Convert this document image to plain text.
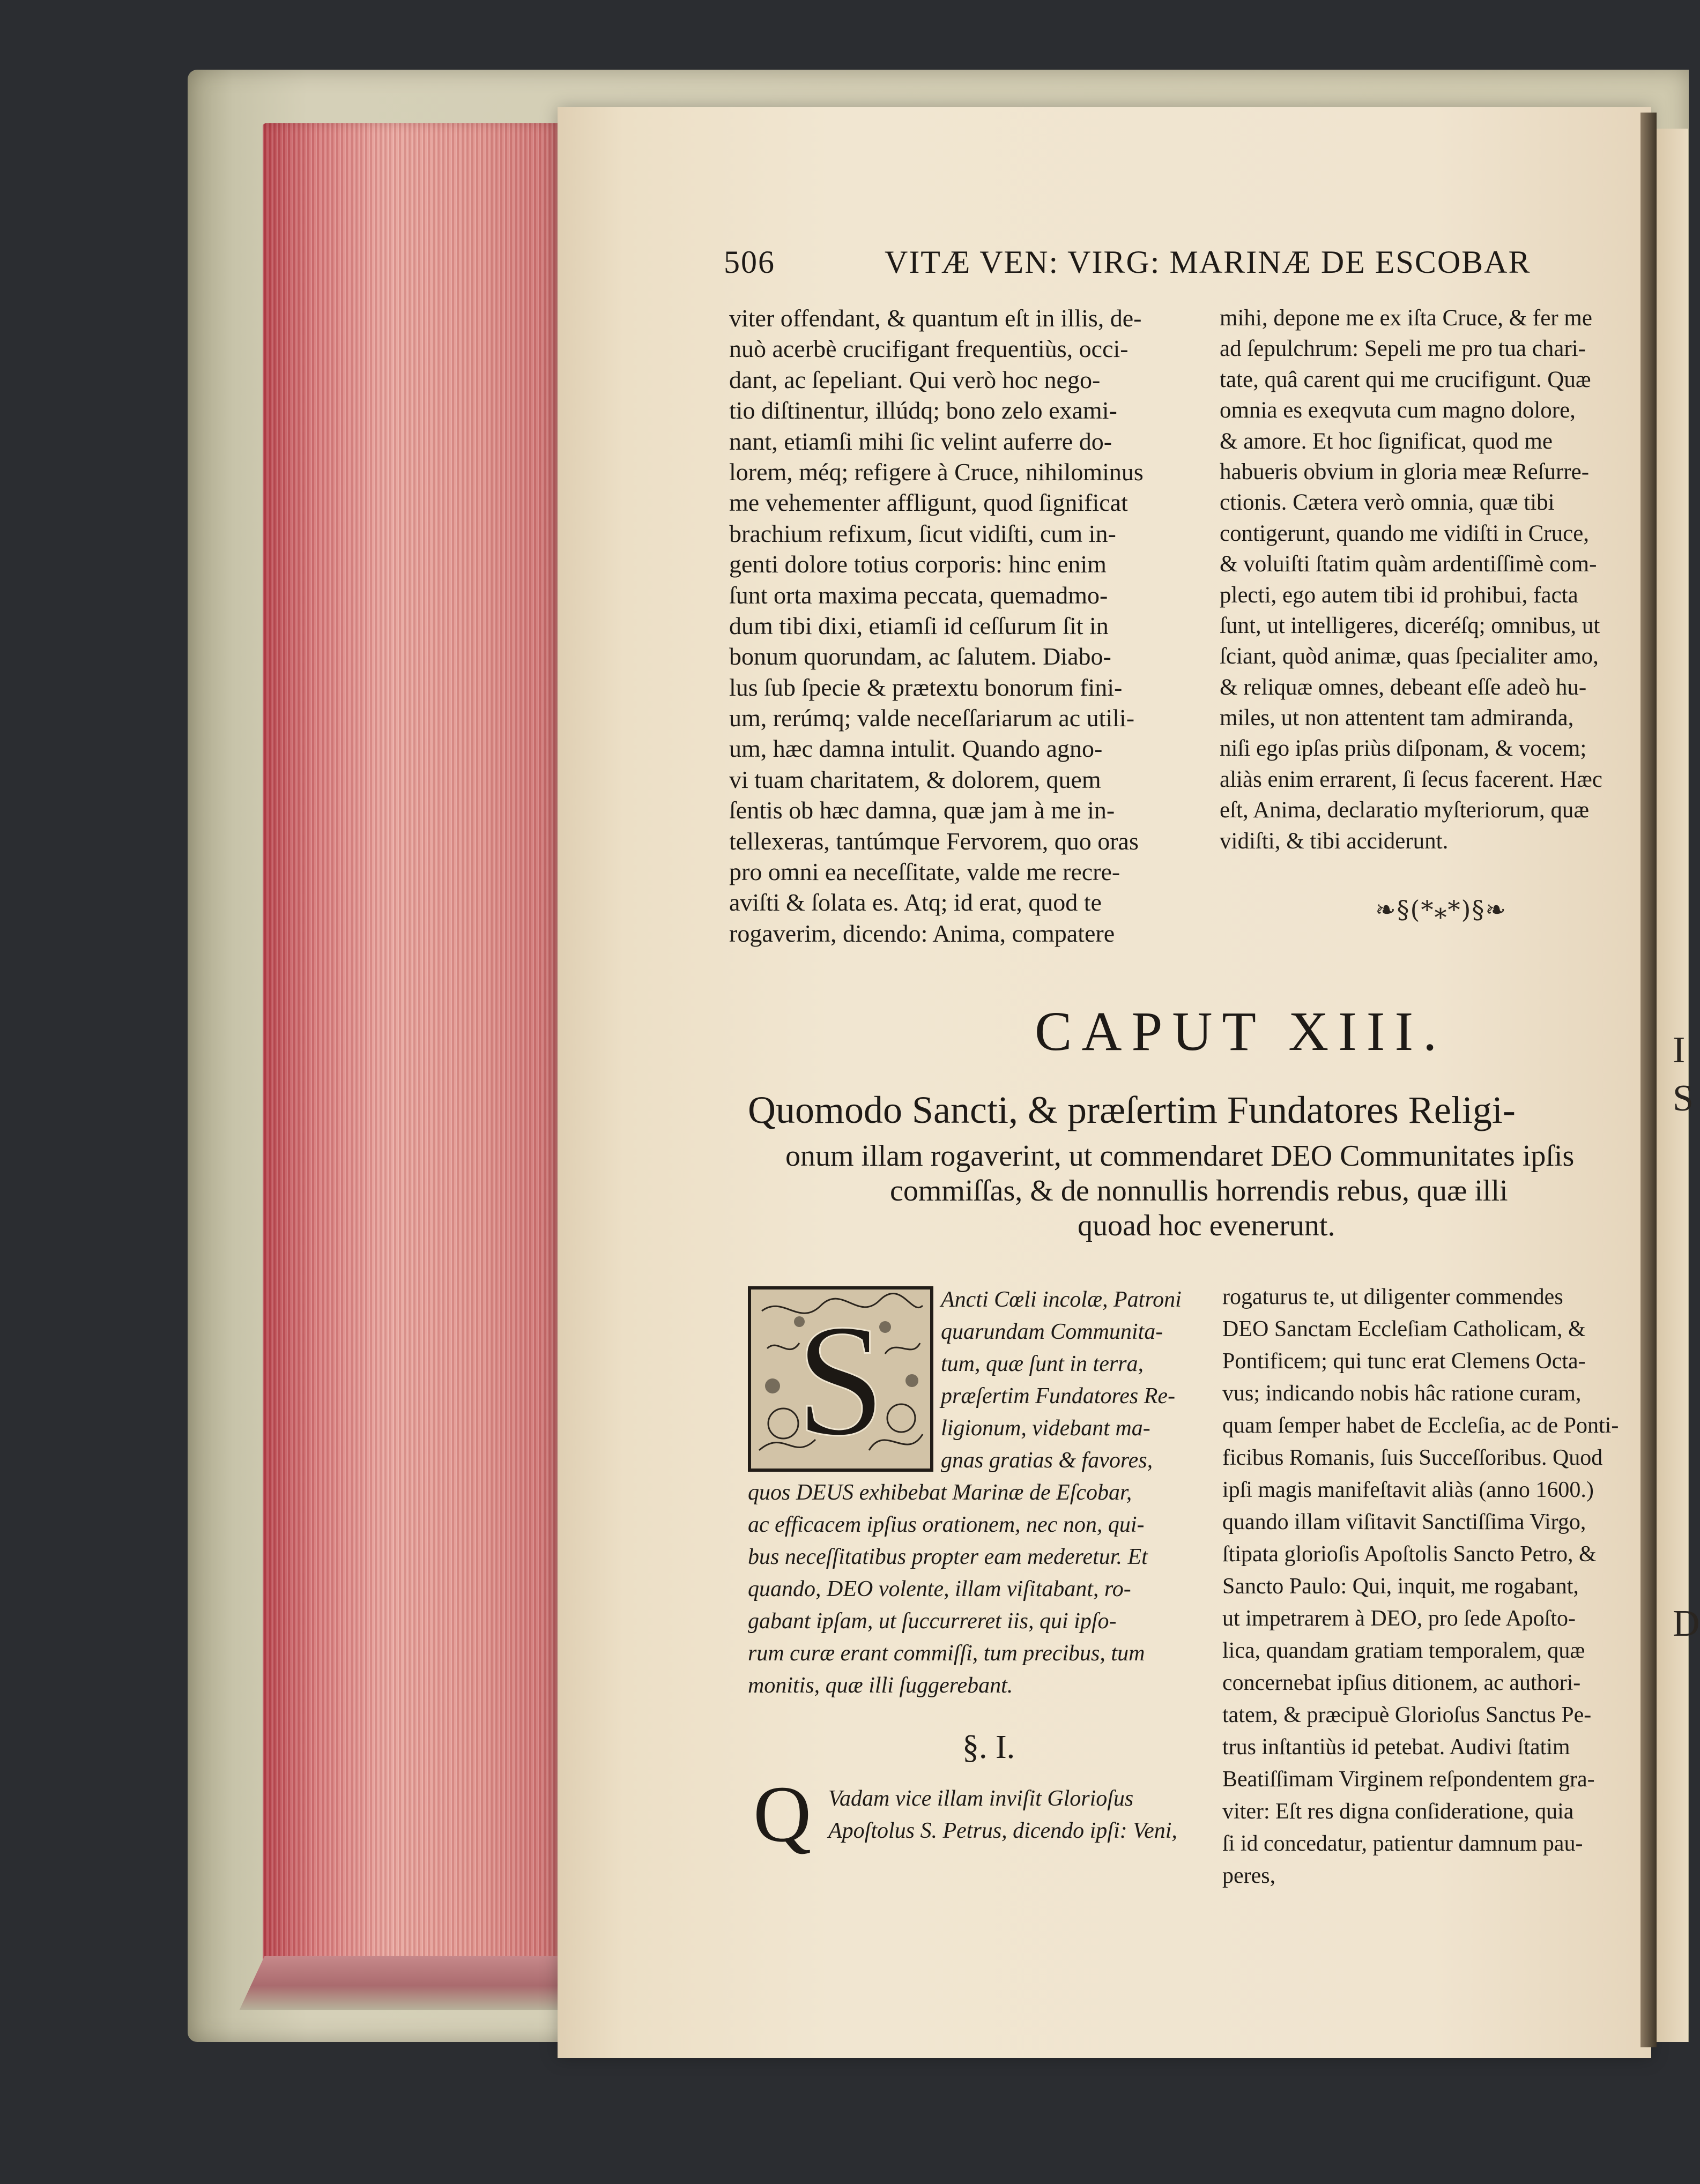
I
S
D
506	VITÆ VEN: VIRG: MARINÆ DE ESCOBAR
viter offendant, & quantum eſt in illis, de-
nuò acerbè crucifigant frequentiùs, occi-
dant, ac ſepeliant. Qui verò hoc nego-
tio diſtinentur, illúdq; bono zelo exami-
nant, etiamſi mihi ſic velint auferre do-
lorem, méq; refigere à Cruce, nihilominus
me vehementer affligunt, quod ſignificat
brachium refixum, ſicut vidiſti, cum in-
genti dolore totius corporis: hinc enim
ſunt orta maxima peccata, quemadmo-
dum tibi dixi, etiamſi id ceſſurum ſit in
bonum quorundam, ac ſalutem. Diabo-
lus ſub ſpecie & prætextu bonorum fini-
um, rerúmq; valde neceſſariarum ac utili-
um, hæc damna intulit. Quando agno-
vi tuam charitatem, & dolorem, quem
ſentis ob hæc damna, quæ jam à me in-
tellexeras, tantúmque Fervorem, quo oras
pro omni ea neceſſitate, valde me recre-
aviſti & ſolata es. Atq; id erat, quod te
rogaverim, dicendo: Anima, compatere
mihi, depone me ex iſta Cruce, & fer me
ad ſepulchrum: Sepeli me pro tua chari-
tate, quâ carent qui me crucifigunt. Quæ
omnia es exeqvuta cum magno dolore,
& amore. Et hoc ſignificat, quod me
habueris obvium in gloria meæ Reſurre-
ctionis. Cætera verò omnia, quæ tibi
contigerunt, quando me vidiſti in Cruce,
& voluiſti ſtatim quàm ardentiſſimè com-
plecti, ego autem tibi id prohibui, facta
ſunt, ut intelligeres, diceréſq; omnibus, ut
ſciant, quòd animæ, quas ſpecialiter amo,
& reliquæ omnes, debeant eſſe adeò hu-
miles, ut non attentent tam admiranda,
niſi ego ipſas priùs diſponam, & vocem;
aliàs enim errarent, ſi ſecus facerent. Hæc
eſt, Anima, declaratio myſteriorum, quæ
vidiſti, & tibi acciderunt.
❧§(*⁎*)§❧
CAPUT XIII.
Quomodo Sancti, & præſertim Fundatores Religi-
onum illam rogaverint, ut commendaret DEO Communitates ipſis
commiſſas, & de nonnullis horrendis rebus, quæ illi
quoad hoc evenerunt.
S Ancti Cœli incolæ, Patroni
quarundam Communita-
tum, quæ ſunt in terra,
præſertim Fundatores Re-
ligionum, videbant ma-
gnas gratias & favores,
quos DEUS exhibebat Marinæ de Eſcobar,
ac efficacem ipſius orationem, nec non, qui-
bus neceſſitatibus propter eam mederetur. Et
quando, DEO volente, illam viſitabant, ro-
gabant ipſam, ut ſuccurreret iis, qui ipſo-
rum curæ erant commiſſi, tum precibus, tum
monitis, quæ illi ſuggerebant.
rogaturus te, ut diligenter commendes
DEO Sanctam Eccleſiam Catholicam, &
Pontificem; qui tunc erat Clemens Octa-
vus; indicando nobis hâc ratione curam,
quam ſemper habet de Eccleſia, ac de Ponti-
ficibus Romanis, ſuis Succeſſoribus. Quod
ipſi magis manifeſtavit aliàs (anno 1600.)
quando illam viſitavit Sanctiſſima Virgo,
ſtipata glorioſis Apoſtolis Sancto Petro, &
Sancto Paulo: Qui, inquit, me rogabant,
ut impetrarem à DEO, pro ſede Apoſto-
lica, quandam gratiam temporalem, quæ
concernebat ipſius ditionem, ac authori-
tatem, & præcipuè Glorioſus Sanctus Pe-
trus inſtantiùs id petebat. Audivi ſtatim
Beatiſſimam Virginem reſpondentem gra-
viter: Eſt res digna conſideratione, quia
ſi id concedatur, patientur damnum pau-
peres,
§. I.
Q Vadam vice illam inviſit Glorioſus
Apoſtolus S. Petrus, dicendo ipſi: Veni,
